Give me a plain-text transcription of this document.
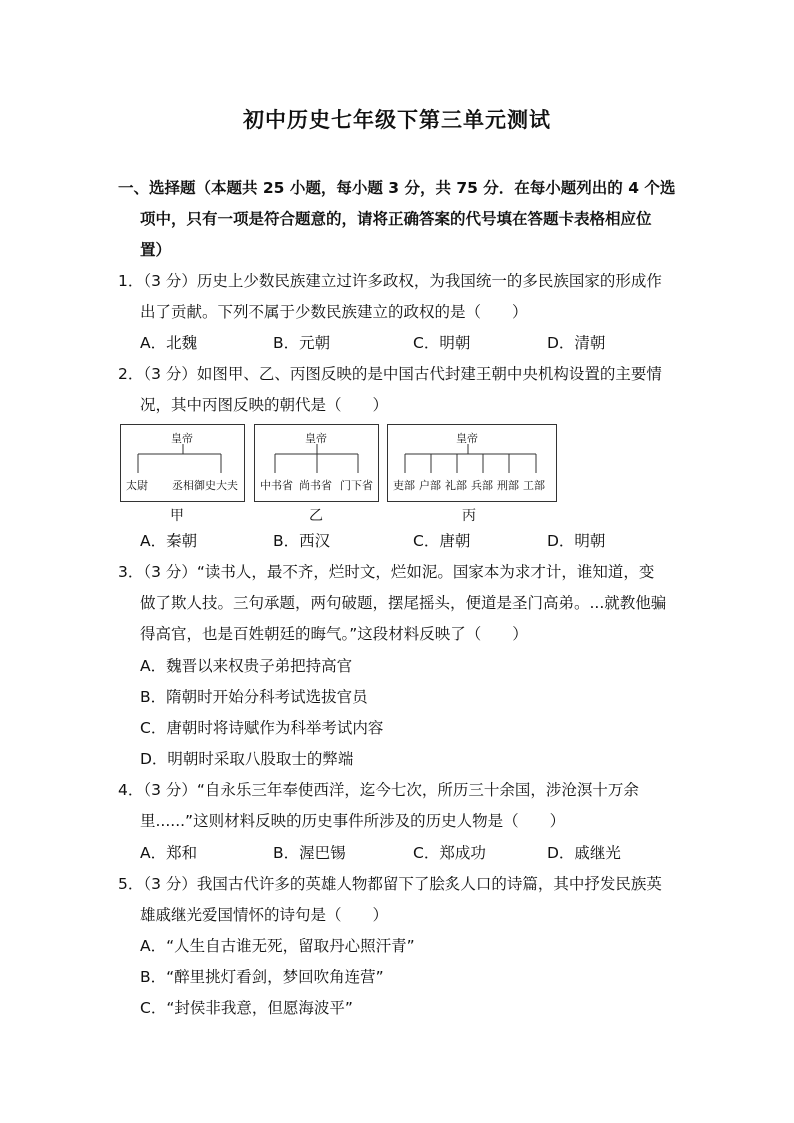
初中历史七年级下第三单元测试
一、选择题（本题共 25 小题，每小题 3 分，共 75 分．在每小题列出的 4 个选
项中，只有一项是符合题意的，请将正确答案的代号填在答题卡表格相应位
置）
1．（3 分）历史上少数民族建立过许多政权，为我国统一的多民族国家的形成作
出了贡献。下列不属于少数民族建立的政权的是（　　）
A．北魏	B．元朝	C．明朝	D．清朝
2．（3 分）如图甲、乙、丙图反映的是中国古代封建王朝中央机构设置的主要情
况，其中丙图反映的朝代是（　　）
皇帝
太尉 丞相御史大夫
皇帝
中书省 尚书省 门下省
皇帝
吏部 户部 礼部 兵部 刑部 工部
甲	乙	丙
A．秦朝	B．西汉	C．唐朝	D．明朝
3．（3 分）“读书人，最不齐，烂时文，烂如泥。国家本为求才计，谁知道，变
做了欺人技。三句承题，两句破题，摆尾摇头，便道是圣门高弟。...就教他骗
得高官，也是百姓朝廷的晦气。”这段材料反映了（　　）
A．魏晋以来权贵子弟把持高官
B．隋朝时开始分科考试选拔官员
C．唐朝时将诗赋作为科举考试内容
D．明朝时采取八股取士的弊端
4．（3 分）“自永乐三年奉使西洋，迄今七次，所历三十余国，涉沧溟十万余
里......”这则材料反映的历史事件所涉及的历史人物是（　　）
A．郑和	B．渥巴锡	C．郑成功	D．戚继光
5．（3 分）我国古代许多的英雄人物都留下了脍炙人口的诗篇，其中抒发民族英
雄戚继光爱国情怀的诗句是（　　）
A．“人生自古谁无死，留取丹心照汗青”
B．“醉里挑灯看剑，梦回吹角连营”
C．“封侯非我意，但愿海波平”
